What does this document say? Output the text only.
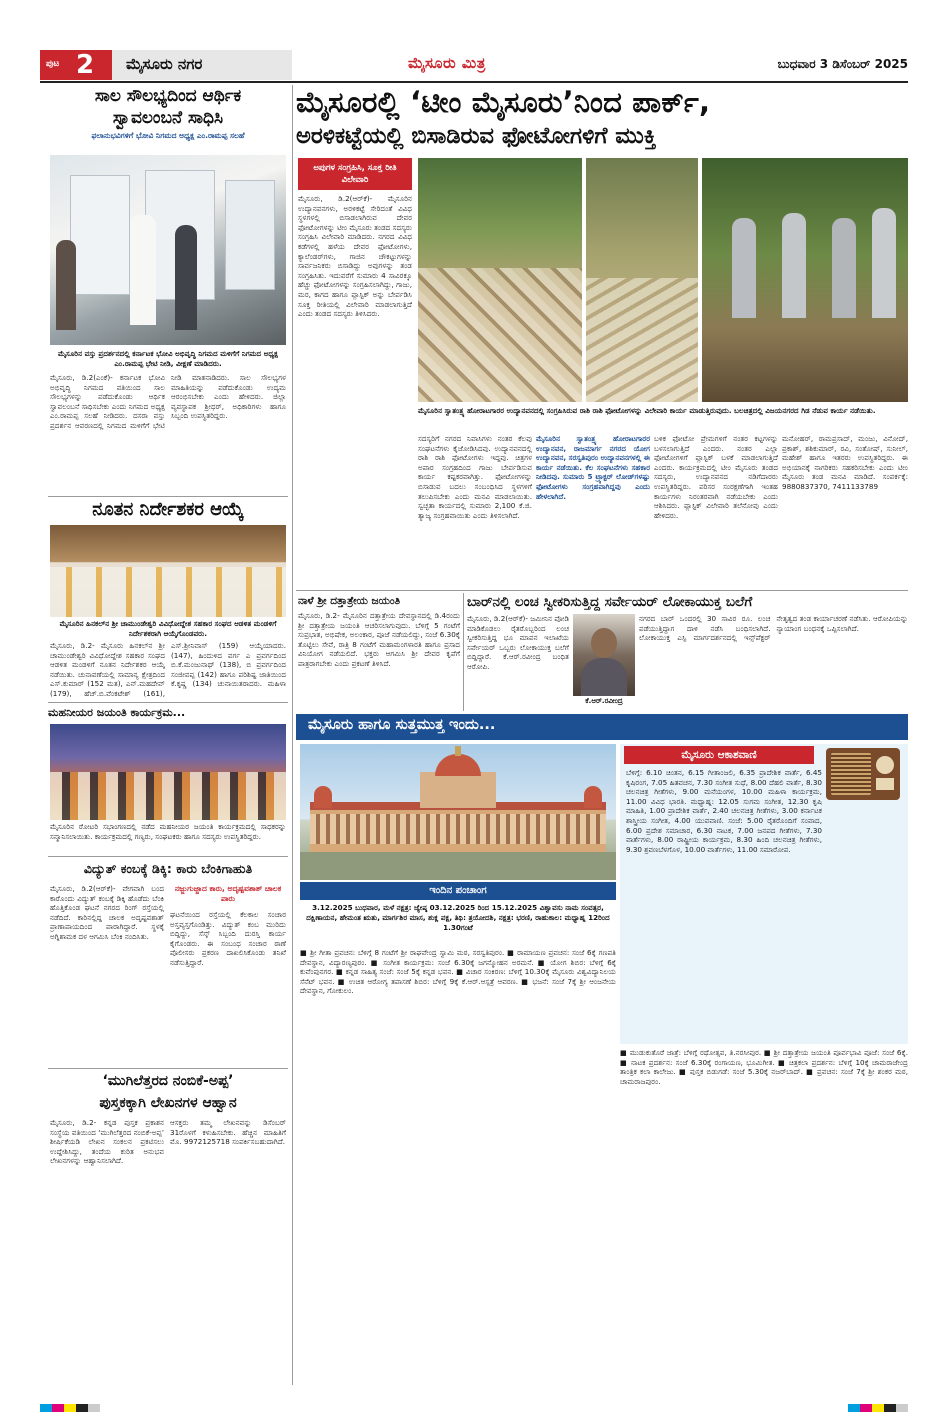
ಪುಟ 2 ಮೈಸೂರು ನಗರ	ಮೈಸೂರು ಮಿತ್ರ	ಬುಧವಾರ 3 ಡಿಸೆಂಬರ್ 2025
ಸಾಲ ಸೌಲಭ್ಯದಿಂದ ಆರ್ಥಿಕ
ಸ್ವಾವಲಂಬನೆ ಸಾಧಿಸಿ
ಫಲಾನುಭವಿಗಳಿಗೆ ಭೋವಿ ನಿಗಮದ ಅಧ್ಯಕ್ಷ ಎಂ.ರಾಮಪ್ಪ ಸಲಹೆ
ಮೈಸೂರಿನ ವಸ್ತು ಪ್ರದರ್ಶನದಲ್ಲಿ ಕರ್ನಾಟಕ ಭೋವಿ ಅಭಿವೃದ್ಧಿ ನಿಗಮದ ಮಳಿಗೆಗೆ ನಿಗಮದ ಅಧ್ಯಕ್ಷ ಎಂ.ರಾಮಪ್ಪ ಭೇಟಿ ನೀಡಿ, ವೀಕ್ಷಣೆ ಮಾಡಿದರು.
ಮೈಸೂರು, ಡಿ.2(ಎಂಕೆ)- ಕರ್ನಾಟಕ ಭೋವಿ ಅಭಿವೃದ್ಧಿ ನಿಗಮದ ವತಿಯಿಂದ ಸಾಲ ಸೌಲಭ್ಯಗಳನ್ನು ಪಡೆದುಕೊಂಡು ಆರ್ಥಿಕ ಸ್ವಾವಲಂಬನೆ ಸಾಧಿಸಬೇಕು ಎಂದು ನಿಗಮದ ಅಧ್ಯಕ್ಷ ಎಂ.ರಾಮಪ್ಪ ಸಲಹೆ ನೀಡಿದರು. ದಸರಾ ವಸ್ತು ಪ್ರದರ್ಶನ ಆವರಣದಲ್ಲಿ ನಿಗಮದ ಮಳಿಗೆಗೆ ಭೇಟಿ ನೀಡಿ ಮಾತನಾಡಿದರು. ಸಾಲ ಸೌಲಭ್ಯಗಳ ಮಾಹಿತಿಯನ್ನು ಪಡೆದುಕೊಂಡು ಉದ್ಯಮ ಆರಂಭಿಸಬೇಕು ಎಂದು ಹೇಳಿದರು. ಜಿಲ್ಲಾ ವ್ಯವಸ್ಥಾಪಕ ಶ್ರೀಧರ್, ಅಧಿಕಾರಿಗಳು ಹಾಗೂ ಸಿಬ್ಬಂದಿ ಉಪಸ್ಥಿತರಿದ್ದರು.
ನೂತನ ನಿರ್ದೇಶಕರ ಆಯ್ಕೆ
ಮೈಸೂರಿನ ಹಿನಕಲ್‌ನ ಶ್ರೀ ಚಾಮುಂಡೇಶ್ವರಿ ವಿವಿಧೋದ್ದೇಶ ಸಹಕಾರ ಸಂಘದ ಆಡಳಿತ ಮಂಡಳಿಗೆ ನಿರ್ದೇಶಕರಾಗಿ ಆಯ್ಕೆಗೊಂಡವರು.
ಮೈಸೂರು, ಡಿ.2- ಮೈಸೂರು ಹಿನಕಲ್‌ನ ಶ್ರೀ ಚಾಮುಂಡೇಶ್ವರಿ ವಿವಿಧೋದ್ದೇಶ ಸಹಕಾರ ಸಂಘದ ಆಡಳಿತ ಮಂಡಳಿಗೆ ನೂತನ ನಿರ್ದೇಶಕರ ಆಯ್ಕೆ ನಡೆಯಿತು. ಚುನಾವಣೆಯಲ್ಲಿ ಸಾಮಾನ್ಯ ಕ್ಷೇತ್ರದಿಂದ ಎಸ್.ಕುಮಾರ್ (152 ಮತ), ಎನ್.ಮಹದೇವ್ (179), ಹೆಚ್.ಬಿ.ವೆಂಕಟೇಶ್ (161), ಎಸ್.ಶ್ರೀನಿವಾಸ್ (159) ಆಯ್ಕೆಯಾದರು. (147), ಹಿಂದುಳಿದ ವರ್ಗ ಎ ಪ್ರವರ್ಗದಿಂದ ಬಿ.ಕೆ.ಮಂಜುನಾಥ್ (138), ಬಿ ಪ್ರವರ್ಗದಿಂದ ಸಂಜೀವಪ್ಪ (142) ಹಾಗೂ ಪರಿಶಿಷ್ಟ ಜಾತಿಯಿಂದ ಕೆ.ಕೃಷ್ಣ (134) ಚುನಾಯಿತರಾದರು. ಮಹಿಳಾ
ಮಹನೀಯರ ಜಯಂತಿ ಕಾರ್ಯಕ್ರಮ...
ಮೈಸೂರಿನ ರೋಟರಿ ಸಭಾಂಗಣದಲ್ಲಿ ನಡೆದ ಮಹನೀಯರ ಜಯಂತಿ ಕಾರ್ಯಕ್ರಮದಲ್ಲಿ ಸಾಧಕರನ್ನು ಸನ್ಮಾನಿಸಲಾಯಿತು. ಕಾರ್ಯಕ್ರಮದಲ್ಲಿ ಗಣ್ಯರು, ಸಂಘಟಕರು ಹಾಗೂ ಸದಸ್ಯರು ಉಪಸ್ಥಿತರಿದ್ದರು.
ವಿದ್ಯುತ್ ಕಂಬಕ್ಕೆ ಡಿಕ್ಕಿ: ಕಾರು ಬೆಂಕಿಗಾಹುತಿ
ಮೈಸೂರು, ಡಿ.2(ಆರ್‌ಕೆ)- ವೇಗವಾಗಿ ಬಂದ ಕಾರೊಂದು ವಿದ್ಯುತ್ ಕಂಬಕ್ಕೆ ಡಿಕ್ಕಿ ಹೊಡೆದು ಬೆಂಕಿ ಹೊತ್ತಿಕೊಂಡ ಘಟನೆ ನಗರದ ರಿಂಗ್ ರಸ್ತೆಯಲ್ಲಿ ನಡೆದಿದೆ. ಕಾರಿನಲ್ಲಿದ್ದ ಚಾಲಕ ಅದೃಷ್ಟವಶಾತ್ ಪ್ರಾಣಾಪಾಯದಿಂದ ಪಾರಾಗಿದ್ದಾರೆ. ಸ್ಥಳಕ್ಕೆ ಅಗ್ನಿಶಾಮಕ ದಳ ಆಗಮಿಸಿ ಬೆಂಕಿ ನಂದಿಸಿತು.
ನಜ್ಜುಗುಜ್ಜಾದ ಕಾರು, ಅದೃಷ್ಟವಶಾತ್ ಚಾಲಕ ಪಾರು
ಘಟನೆಯಿಂದ ರಸ್ತೆಯಲ್ಲಿ ಕೆಲಕಾಲ ಸಂಚಾರ ಅಸ್ತವ್ಯಸ್ತಗೊಂಡಿತ್ತು. ವಿದ್ಯುತ್ ಕಂಬ ಮುರಿದು ಬಿದ್ದಿದ್ದು, ಸೆಸ್ಕ್ ಸಿಬ್ಬಂದಿ ದುರಸ್ತಿ ಕಾರ್ಯ ಕೈಗೊಂಡರು. ಈ ಸಂಬಂಧ ಸಂಚಾರ ಠಾಣೆ ಪೊಲೀಸರು ಪ್ರಕರಣ ದಾಖಲಿಸಿಕೊಂಡು ತನಿಖೆ ನಡೆಸುತ್ತಿದ್ದಾರೆ.
‘ಮುಗಿಲೆತ್ತರದ ನಂಬಿಕೆ-ಅಪ್ಪ’
ಪುಸ್ತಕಕ್ಕಾಗಿ ಲೇಖನಗಳ ಆಹ್ವಾನ
ಮೈಸೂರು, ಡಿ.2- ಕನ್ನಡ ಪುಸ್ತಕ ಪ್ರಕಾಶನ ಸಂಸ್ಥೆಯ ವತಿಯಿಂದ ‘ಮುಗಿಲೆತ್ತರದ ನಂಬಿಕೆ-ಅಪ್ಪ’ ಶೀರ್ಷಿಕೆಯಡಿ ಲೇಖನ ಸಂಕಲನ ಪ್ರಕಟಿಸಲು ಉದ್ದೇಶಿಸಿದ್ದು, ತಂದೆಯ ಕುರಿತ ಅನುಭವ ಲೇಖನಗಳನ್ನು ಆಹ್ವಾನಿಸಲಾಗಿದೆ.
ಆಸಕ್ತರು ತಮ್ಮ ಲೇಖನವನ್ನು ಡಿಸೆಂಬರ್ 31ರೊಳಗೆ ಕಳುಹಿಸಬೇಕು. ಹೆಚ್ಚಿನ ಮಾಹಿತಿಗೆ ಮೊ. 9972125718 ಸಂಪರ್ಕಿಸಬಹುದಾಗಿದೆ.
ಮೈಸೂರಲ್ಲಿ ‘ಟೀಂ ಮೈಸೂರು’ನಿಂದ ಪಾರ್ಕ್,
ಅರಳಿಕಟ್ಟೆಯಲ್ಲಿ ಬಿಸಾಡಿರುವ ಫೋಟೋಗಳಿಗೆ ಮುಕ್ತಿ
ಅಪುಗಳ ಸಂಗ್ರಹಿಸಿ, ಸೂಕ್ತ ರೀತಿ ವಿಲೇವಾರಿ
ಮೈಸೂರು, ಡಿ.2(ಆರ್‌ಕೆ)- ಮೈಸೂರಿನ ಉದ್ಯಾನವನಗಳು, ಅರಳಿಕಟ್ಟೆ ಸೇರಿದಂತೆ ವಿವಿಧ ಸ್ಥಳಗಳಲ್ಲಿ ಬಿಸಾಡಲಾಗಿರುವ ದೇವರ ಫೋಟೋಗಳನ್ನು ಟೀಂ ಮೈಸೂರು ತಂಡದ ಸದಸ್ಯರು ಸಂಗ್ರಹಿಸಿ ವಿಲೇವಾರಿ ಮಾಡಿದರು. ನಗರದ ವಿವಿಧ ಕಡೆಗಳಲ್ಲಿ ಹಳೆಯ ದೇವರ ಫೋಟೋಗಳು, ಕ್ಯಾಲೆಂಡರ್‌ಗಳು, ಗಾಜಿನ ಚೌಕಟ್ಟುಗಳನ್ನು ಸಾರ್ವಜನಿಕರು ಬಿಸಾಡಿದ್ದು ಅವುಗಳನ್ನು ತಂಡ ಸಂಗ್ರಹಿಸಿತು. ಇದುವರೆಗೆ ಸುಮಾರು 4 ಸಾವಿರಕ್ಕೂ ಹೆಚ್ಚು ಫೋಟೋಗಳನ್ನು ಸಂಗ್ರಹಿಸಲಾಗಿದ್ದು, ಗಾಜು, ಮರ, ಕಾಗದ ಹಾಗೂ ಪ್ಲಾಸ್ಟಿಕ್ ಅನ್ನು ಬೇರ್ಪಡಿಸಿ ಸೂಕ್ತ ರೀತಿಯಲ್ಲಿ ವಿಲೇವಾರಿ ಮಾಡಲಾಗುತ್ತಿದೆ ಎಂದು ತಂಡದ ಸದಸ್ಯರು ತಿಳಿಸಿದರು.
ಮೈಸೂರಿನ ಸ್ವಾತಂತ್ರ್ಯ ಹೋರಾಟಗಾರರ ಉದ್ಯಾನವನದಲ್ಲಿ ಸಂಗ್ರಹಿಸಿರುವ ರಾಶಿ ರಾಶಿ ಫೋಟೋಗಳನ್ನು ವಿಲೇವಾರಿ ಕಾರ್ಯ ಮಾಡುತ್ತಿರುವುದು. ಬಲಚಿತ್ರದಲ್ಲಿ ವಿಜಯನಗರದ ಗಿಡ ನೆಡುವ ಕಾರ್ಯ ನಡೆಯಿತು.
ಸದಸ್ಯರಿಗೆ ನಗರದ ನಿವಾಸಿಗಳು ನಂತರ ಕೆಲವು ಸಂಘಟನೆಗಳು ಕೈಜೋಡಿಸಿದವು. ಉದ್ಯಾನವನದಲ್ಲಿ ರಾಶಿ ರಾಶಿ ಫೋಟೋಗಳು ಇದ್ದವು. ಚಿತ್ರಗಳ ಅಪಾರ ಸಂಗ್ರಹದಿಂದ ಗಾಜು ಬೇರ್ಪಡಿಸುವ ಕಾರ್ಯ ಕಷ್ಟಕರವಾಗಿತ್ತು. ಫೋಟೋಗಳನ್ನು ಬಿಸಾಡುವ ಬದಲು ಸಂಬಂಧಿಸಿದ ಸ್ಥಳಗಳಿಗೆ ತಲುಪಿಸಬೇಕು ಎಂದು ಮನವಿ ಮಾಡಲಾಯಿತು. ಸ್ವಚ್ಛತಾ ಕಾರ್ಯದಲ್ಲಿ ಸುಮಾರು 2,100 ಕೆ.ಜಿ. ತ್ಯಾಜ್ಯ ಸಂಗ್ರಹವಾಯಿತು ಎಂದು ತಿಳಿಸಲಾಗಿದೆ.
ಮೈಸೂರಿನ ಸ್ವಾತಂತ್ರ್ಯ ಹೋರಾಟಗಾರರ ಉದ್ಯಾನವನ, ರಾಜಮಾರ್ಗ ನಗರದ ಯೋಗ ಉದ್ಯಾನವನ, ಸರಸ್ವತಿಪುರಂ ಉದ್ಯಾನವನಗಳಲ್ಲಿ ಈ ಕಾರ್ಯ ನಡೆಯಿತು. ಕೆಲ ಸಂಘಟನೆಗಳು ಸಹಕಾರ ನೀಡಿದವು. ಸುಮಾರು 5 ಟ್ರ್ಯಾಕ್ಟರ್ ಲೋಡ್‌ಗಳಷ್ಟು ಫೋಟೋಗಳು ಸಂಗ್ರಹವಾಗಿದ್ದವು ಎಂದು ಹೇಳಲಾಗಿದೆ.
ಬಳಿಕ ಫೋಟೋ ಪ್ರೇಮಗಳಿಗೆ ನಂತರ ಕಟ್ಟಗಳನ್ನು ಬಳಸಲಾಗುತ್ತಿದೆ ಎಂದರು. ನಂತರ ಎಲ್ಲಾ ಫೋಟೋಗಳಿಗೆ ಪ್ಲಾಸ್ಟಿಕ್ ಬಳಕೆ ಮಾಡಲಾಗುತ್ತಿದೆ ಎಂದರು. ಕಾರ್ಯಕ್ರಮದಲ್ಲಿ ಟೀಂ ಮೈಸೂರು ತಂಡದ ಸದಸ್ಯರು, ಉದ್ಯಾನವನದ ನಡಿಗೆದಾರರು ಉಪಸ್ಥಿತರಿದ್ದರು. ಪರಿಸರ ಸಂರಕ್ಷಣೆಗಾಗಿ ಇಂತಹ ಕಾರ್ಯಗಳು ನಿರಂತರವಾಗಿ ನಡೆಯಬೇಕು ಎಂದು ಆಶಿಸಿದರು. ಪ್ಲಾಸ್ಟಿಕ್ ವಿಲೇವಾರಿ ತಲೆನೋವು ಎಂದು ಹೇಳಿದರು.
ಮನೋಹರ್, ರಾಮಪ್ರಸಾದ್, ಮಂಜು, ವಿನೋದ್, ಪ್ರಕಾಶ್, ಶಶಿಕುಮಾರ್, ರವಿ, ಸಂತೋಷ್, ಸುನೀಲ್, ಮಹೇಶ್ ಹಾಗೂ ಇತರರು ಉಪಸ್ಥಿತರಿದ್ದರು. ಈ ಅಭಿಯಾನಕ್ಕೆ ನಾಗರಿಕರು ಸಹಕರಿಸಬೇಕು ಎಂದು ಟೀಂ ಮೈಸೂರು ತಂಡ ಮನವಿ ಮಾಡಿದೆ. ಸಂಪರ್ಕಕ್ಕೆ: 9880837370, 7411133789
ನಾಳೆ ಶ್ರೀ ದತ್ತಾತ್ರೇಯ ಜಯಂತಿ
ಮೈಸೂರು, ಡಿ.2- ಮೈಸೂರಿನ ದತ್ತಾತ್ರೇಯ ದೇವಸ್ಥಾನದಲ್ಲಿ ಡಿ.4ರಂದು ಶ್ರೀ ದತ್ತಾತ್ರೇಯ ಜಯಂತಿ ಆಚರಿಸಲಾಗುವುದು. ಬೆಳಿಗ್ಗೆ 5 ಗಂಟೆಗೆ ಸುಪ್ರಭಾತ, ಅಭಿಷೇಕ, ಅಲಂಕಾರ, ಪೂಜೆ ನಡೆಯಲಿದ್ದು, ಸಂಜೆ 6.30ಕ್ಕೆ ತೊಟ್ಟಿಲು ಸೇವೆ, ರಾತ್ರಿ 8 ಗಂಟೆಗೆ ಮಹಾಮಂಗಳಾರತಿ ಹಾಗೂ ಪ್ರಸಾದ ವಿನಿಯೋಗ ನಡೆಯಲಿದೆ. ಭಕ್ತರು ಆಗಮಿಸಿ ಶ್ರೀ ದೇವರ ಕೃಪೆಗೆ ಪಾತ್ರರಾಗಬೇಕು ಎಂದು ಪ್ರಕಟಣೆ ತಿಳಿಸಿದೆ.
ಬಾರ್‌ನಲ್ಲಿ ಲಂಚ ಸ್ವೀಕರಿಸುತ್ತಿದ್ದ ಸರ್ವೇಯರ್ ಲೋಕಾಯುಕ್ತ ಬಲೆಗೆ
ಮೈಸೂರು, ಡಿ.2(ಆರ್‌ಕೆ)- ಜಮೀನಿನ ಪೋಡಿ ಮಾಡಿಕೊಡಲು ರೈತರೊಬ್ಬರಿಂದ ಲಂಚ ಸ್ವೀಕರಿಸುತ್ತಿದ್ದ ಭೂ ಮಾಪನ ಇಲಾಖೆಯ ಸರ್ವೇಯರ್ ಒಬ್ಬರು ಲೋಕಾಯುಕ್ತ ಬಲೆಗೆ ಬಿದ್ದಿದ್ದಾರೆ. ಕೆ.ಆರ್.ರವೀಂದ್ರ ಬಂಧಿತ ಆರೋಪಿ.
ಕೆ.ಆರ್.ರವೀಂದ್ರ
ನಗರದ ಬಾರ್ ಒಂದರಲ್ಲಿ 30 ಸಾವಿರ ರೂ. ಲಂಚ ಪಡೆಯುತ್ತಿದ್ದಾಗ ದಾಳಿ ನಡೆಸಿ ಬಂಧಿಸಲಾಗಿದೆ. ಲೋಕಾಯುಕ್ತ ಎಸ್ಪಿ ಮಾರ್ಗದರ್ಶನದಲ್ಲಿ ಇನ್ಸ್‌ಪೆಕ್ಟರ್ ನೇತೃತ್ವದ ತಂಡ ಕಾರ್ಯಾಚರಣೆ ನಡೆಸಿತು. ಆರೋಪಿಯನ್ನು ನ್ಯಾಯಾಂಗ ಬಂಧನಕ್ಕೆ ಒಪ್ಪಿಸಲಾಗಿದೆ.
ಮೈಸೂರು ಹಾಗೂ ಸುತ್ತಮುತ್ತ ಇಂದು...
ಇಂದಿನ ಪಂಚಾಂಗ
3.12.2025 ಬುಧವಾರ, ಮಳೆ ನಕ್ಷತ್ರ: ಜ್ಯೇಷ್ಠ 03.12.2025 ರಿಂದ 15.12.2025 ವಿಶ್ವಾವಸು ನಾಮ ಸಂವತ್ಸರ, ದಕ್ಷಿಣಾಯನ, ಹೇಮಂತ ಋತು, ಮಾರ್ಗಶಿರ ಮಾಸ, ಶುಕ್ಲ ಪಕ್ಷ, ತಿಥಿ: ತ್ರಯೋದಶಿ, ನಕ್ಷತ್ರ: ಭರಣಿ, ರಾಹುಕಾಲ: ಮಧ್ಯಾಹ್ನ 12ರಿಂದ 1.30ಗಂಟೆ
ಮೈಸೂರು ಆಕಾಶವಾಣಿ
ಬೆಳಿಗ್ಗೆ: 6.10 ಚಿಂತನ, 6.15 ಗೀತಾಂಜಲಿ, 6.35 ಪ್ರಾದೇಶಿಕ ವಾರ್ತೆ, 6.45 ಕೃಷಿರಂಗ, 7.05 ಹಿತವಚನ, 7.30 ಸಂಗೀತ ಸುಧೆ, 8.00 ದೆಹಲಿ ವಾರ್ತೆ, 8.30 ಚಲನಚಿತ್ರ ಗೀತೆಗಳು, 9.00 ಮನೆಯಂಗಳ, 10.00 ಮಹಿಳಾ ಕಾರ್ಯಕ್ರಮ, 11.00 ವಿವಿಧ ಭಾರತಿ. ಮಧ್ಯಾಹ್ನ: 12.05 ಸುಗಮ ಸಂಗೀತ, 12.30 ಕೃಷಿ ಮಾಹಿತಿ, 1.00 ಪ್ರಾದೇಶಿಕ ವಾರ್ತೆ, 2.40 ಚಲನಚಿತ್ರ ಗೀತೆಗಳು, 3.00 ಕರ್ನಾಟಕ ಶಾಸ್ತ್ರೀಯ ಸಂಗೀತ, 4.00 ಯುವವಾಣಿ. ಸಂಜೆ: 5.00 ರೈತರೊಂದಿಗೆ ಸಂವಾದ, 6.00 ಪ್ರದೇಶ ಸಮಾಚಾರ, 6.30 ನಾಟಕ, 7.00 ಜನಪದ ಗೀತೆಗಳು, 7.30 ವಾರ್ತೆಗಳು, 8.00 ರಾಷ್ಟ್ರೀಯ ಕಾರ್ಯಕ್ರಮ, 8.30 ಹಿಂದಿ ಚಲನಚಿತ್ರ ಗೀತೆಗಳು, 9.30 ಶ್ರವಣಬೆಳಗೊಳ, 10.00 ವಾರ್ತೆಗಳು, 11.00 ಸಮಾರೋಪ.
■ ಶ್ರೀ ಗೀತಾ ಪ್ರವಚನ: ಬೆಳಿಗ್ಗೆ 8 ಗಂಟೆಗೆ ಶ್ರೀ ರಾಘವೇಂದ್ರ ಸ್ವಾಮಿ ಮಠ, ಸರಸ್ವತಿಪುರಂ. ■ ರಾಮಾಯಣ ಪ್ರವಚನ: ಸಂಜೆ 6ಕ್ಕೆ ಗಣಪತಿ ದೇವಸ್ಥಾನ, ವಿದ್ಯಾರಣ್ಯಪುರಂ. ■ ಸಂಗೀತ ಕಾರ್ಯಕ್ರಮ: ಸಂಜೆ 6.30ಕ್ಕೆ ಜಗನ್ಮೋಹನ ಅರಮನೆ. ■ ಯೋಗ ಶಿಬಿರ: ಬೆಳಿಗ್ಗೆ 6ಕ್ಕೆ ಕುವೆಂಪುನಗರ. ■ ಕನ್ನಡ ಸಾಹಿತ್ಯ ಸಂಜೆ: ಸಂಜೆ 5ಕ್ಕೆ ಕನ್ನಡ ಭವನ. ■ ವಿಚಾರ ಸಂಕಿರಣ: ಬೆಳಿಗ್ಗೆ 10.30ಕ್ಕೆ ಮೈಸೂರು ವಿಶ್ವವಿದ್ಯಾನಿಲಯ ಸೆನೆಟ್ ಭವನ. ■ ಉಚಿತ ಆರೋಗ್ಯ ತಪಾಸಣೆ ಶಿಬಿರ: ಬೆಳಿಗ್ಗೆ 9ಕ್ಕೆ ಕೆ.ಆರ್.ಆಸ್ಪತ್ರೆ ಆವರಣ. ■ ಭಜನೆ: ಸಂಜೆ 7ಕ್ಕೆ ಶ್ರೀ ಆಂಜನೇಯ ದೇವಸ್ಥಾನ, ಗೋಕುಲಂ.
■ ಮುಡುಕುತೊರೆ ಜಾತ್ರೆ: ಬೆಳಿಗ್ಗೆ ರಥೋತ್ಸವ, ತಿ.ನರಸೀಪುರ. ■ ಶ್ರೀ ದತ್ತಾತ್ರೇಯ ಜಯಂತಿ ಪೂರ್ವಭಾವಿ ಪೂಜೆ: ಸಂಜೆ 6ಕ್ಕೆ. ■ ನಾಟಕ ಪ್ರದರ್ಶನ: ಸಂಜೆ 6.30ಕ್ಕೆ ರಂಗಾಯಣ, ಭೂಮಿಗೀತ. ■ ಚಿತ್ರಕಲಾ ಪ್ರದರ್ಶನ: ಬೆಳಿಗ್ಗೆ 10ಕ್ಕೆ ಚಾಮರಾಜೇಂದ್ರ ತಾಂತ್ರಿಕ ಕಲಾ ಕಾಲೇಜು. ■ ಪುಸ್ತಕ ಬಿಡುಗಡೆ: ಸಂಜೆ 5.30ಕ್ಕೆ ನಜರ್‌ಬಾದ್. ■ ಪ್ರವಚನ: ಸಂಜೆ 7ಕ್ಕೆ ಶ್ರೀ ಶಂಕರ ಮಠ, ಚಾಮರಾಜಪುರಂ.
